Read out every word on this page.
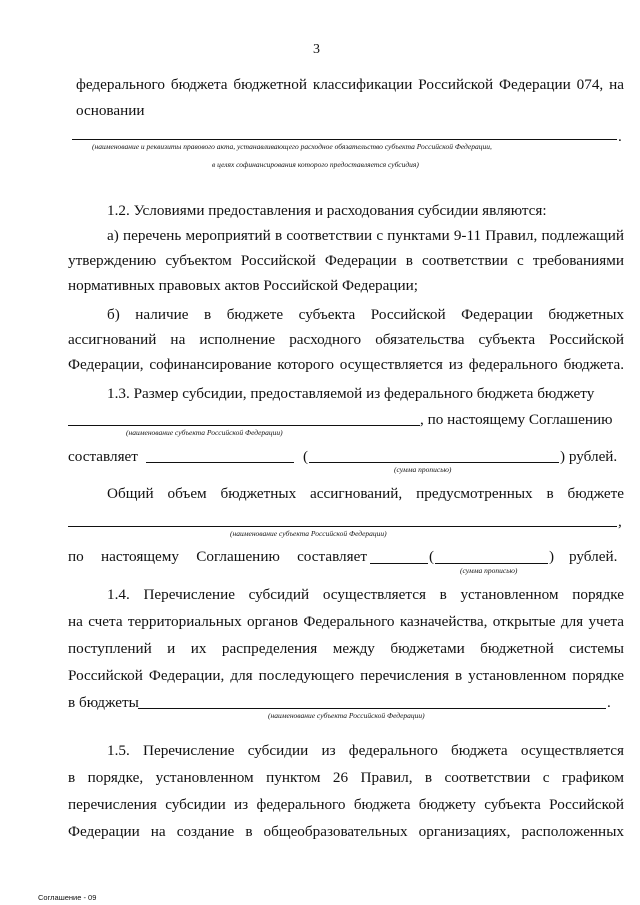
3
федерального бюджета бюджетной классификации Российской Федерации 074, на
основании
.
(наименование и реквизиты правового акта, устанавливающего расходное обязательство субъекта Российской Федерации,
в целях софинансирования которого предоставляется субсидия)
1.2. Условиями предоставления и расходования субсидии являются:
а) перечень мероприятий в соответствии с пунктами 9-11 Правил, подлежащий
утверждению субъектом Российской Федерации в соответствии с требованиями
нормативных правовых актов Российской Федерации;
б) наличие в бюджете субъекта Российской Федерации бюджетных
ассигнований на исполнение расходного обязательства субъекта Российской
Федерации, софинансирование которого осуществляется из федерального бюджета.
1.3. Размер субсидии, предоставляемой из федерального бюджета бюджету
, по настоящему Соглашению
(наименование субъекта Российской Федерации)
составляет	(	) рублей.
(сумма прописью)
Общий объем бюджетных ассигнований, предусмотренных в бюджете
,
(наименование субъекта Российской Федерации)
по настоящему Соглашению составляет	(	) рублей.
(сумма прописью)
1.4. Перечисление субсидий осуществляется в установленном порядке
на счета территориальных органов Федерального казначейства, открытые для учета
поступлений и их распределения между бюджетами бюджетной системы
Российской Федерации, для последующего перечисления в установленном порядке
в бюджеты	.
(наименование субъекта Российской Федерации)
1.5. Перечисление субсидии из федерального бюджета осуществляется
в порядке, установленном пунктом 26 Правил, в соответствии с графиком
перечисления субсидии из федерального бюджета бюджету субъекта Российской
Федерации на создание в общеобразовательных организациях, расположенных
Соглашение - 09
